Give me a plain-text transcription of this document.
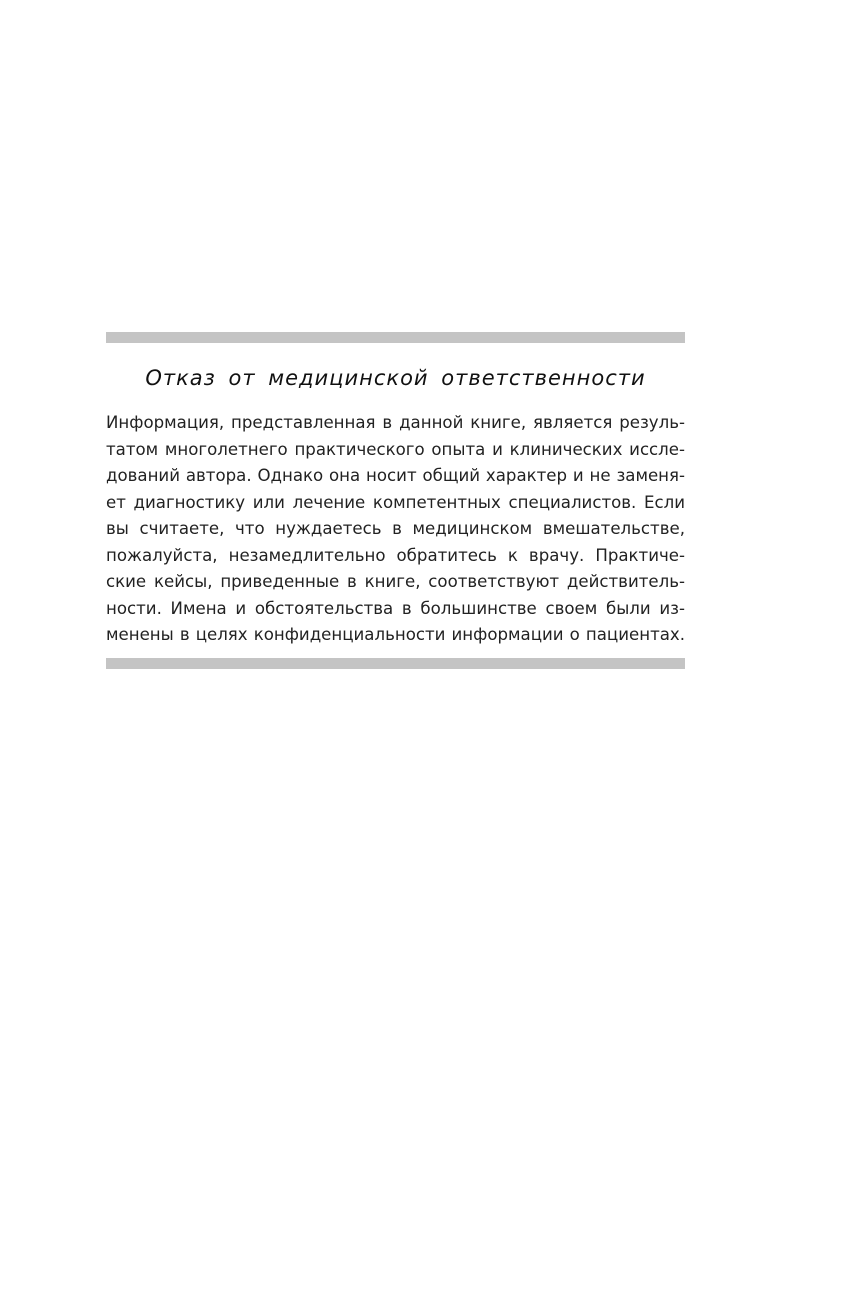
Отказ от медицинской ответственности
Информация, представленная в данной книге, является резуль-
татом многолетнего практического опыта и клинических иссле-
дований автора. Однако она носит общий характер и не заменя-
ет диагностику или лечение компетентных специалистов. Если
вы считаете, что нуждаетесь в медицинском вмешательстве,
пожалуйста, незамедлительно обратитесь к врачу. Практиче-
ские кейсы, приведенные в книге, соответствуют действитель-
ности. Имена и обстоятельства в большинстве своем были из-
менены в целях конфиденциальности информации о пациентах.
